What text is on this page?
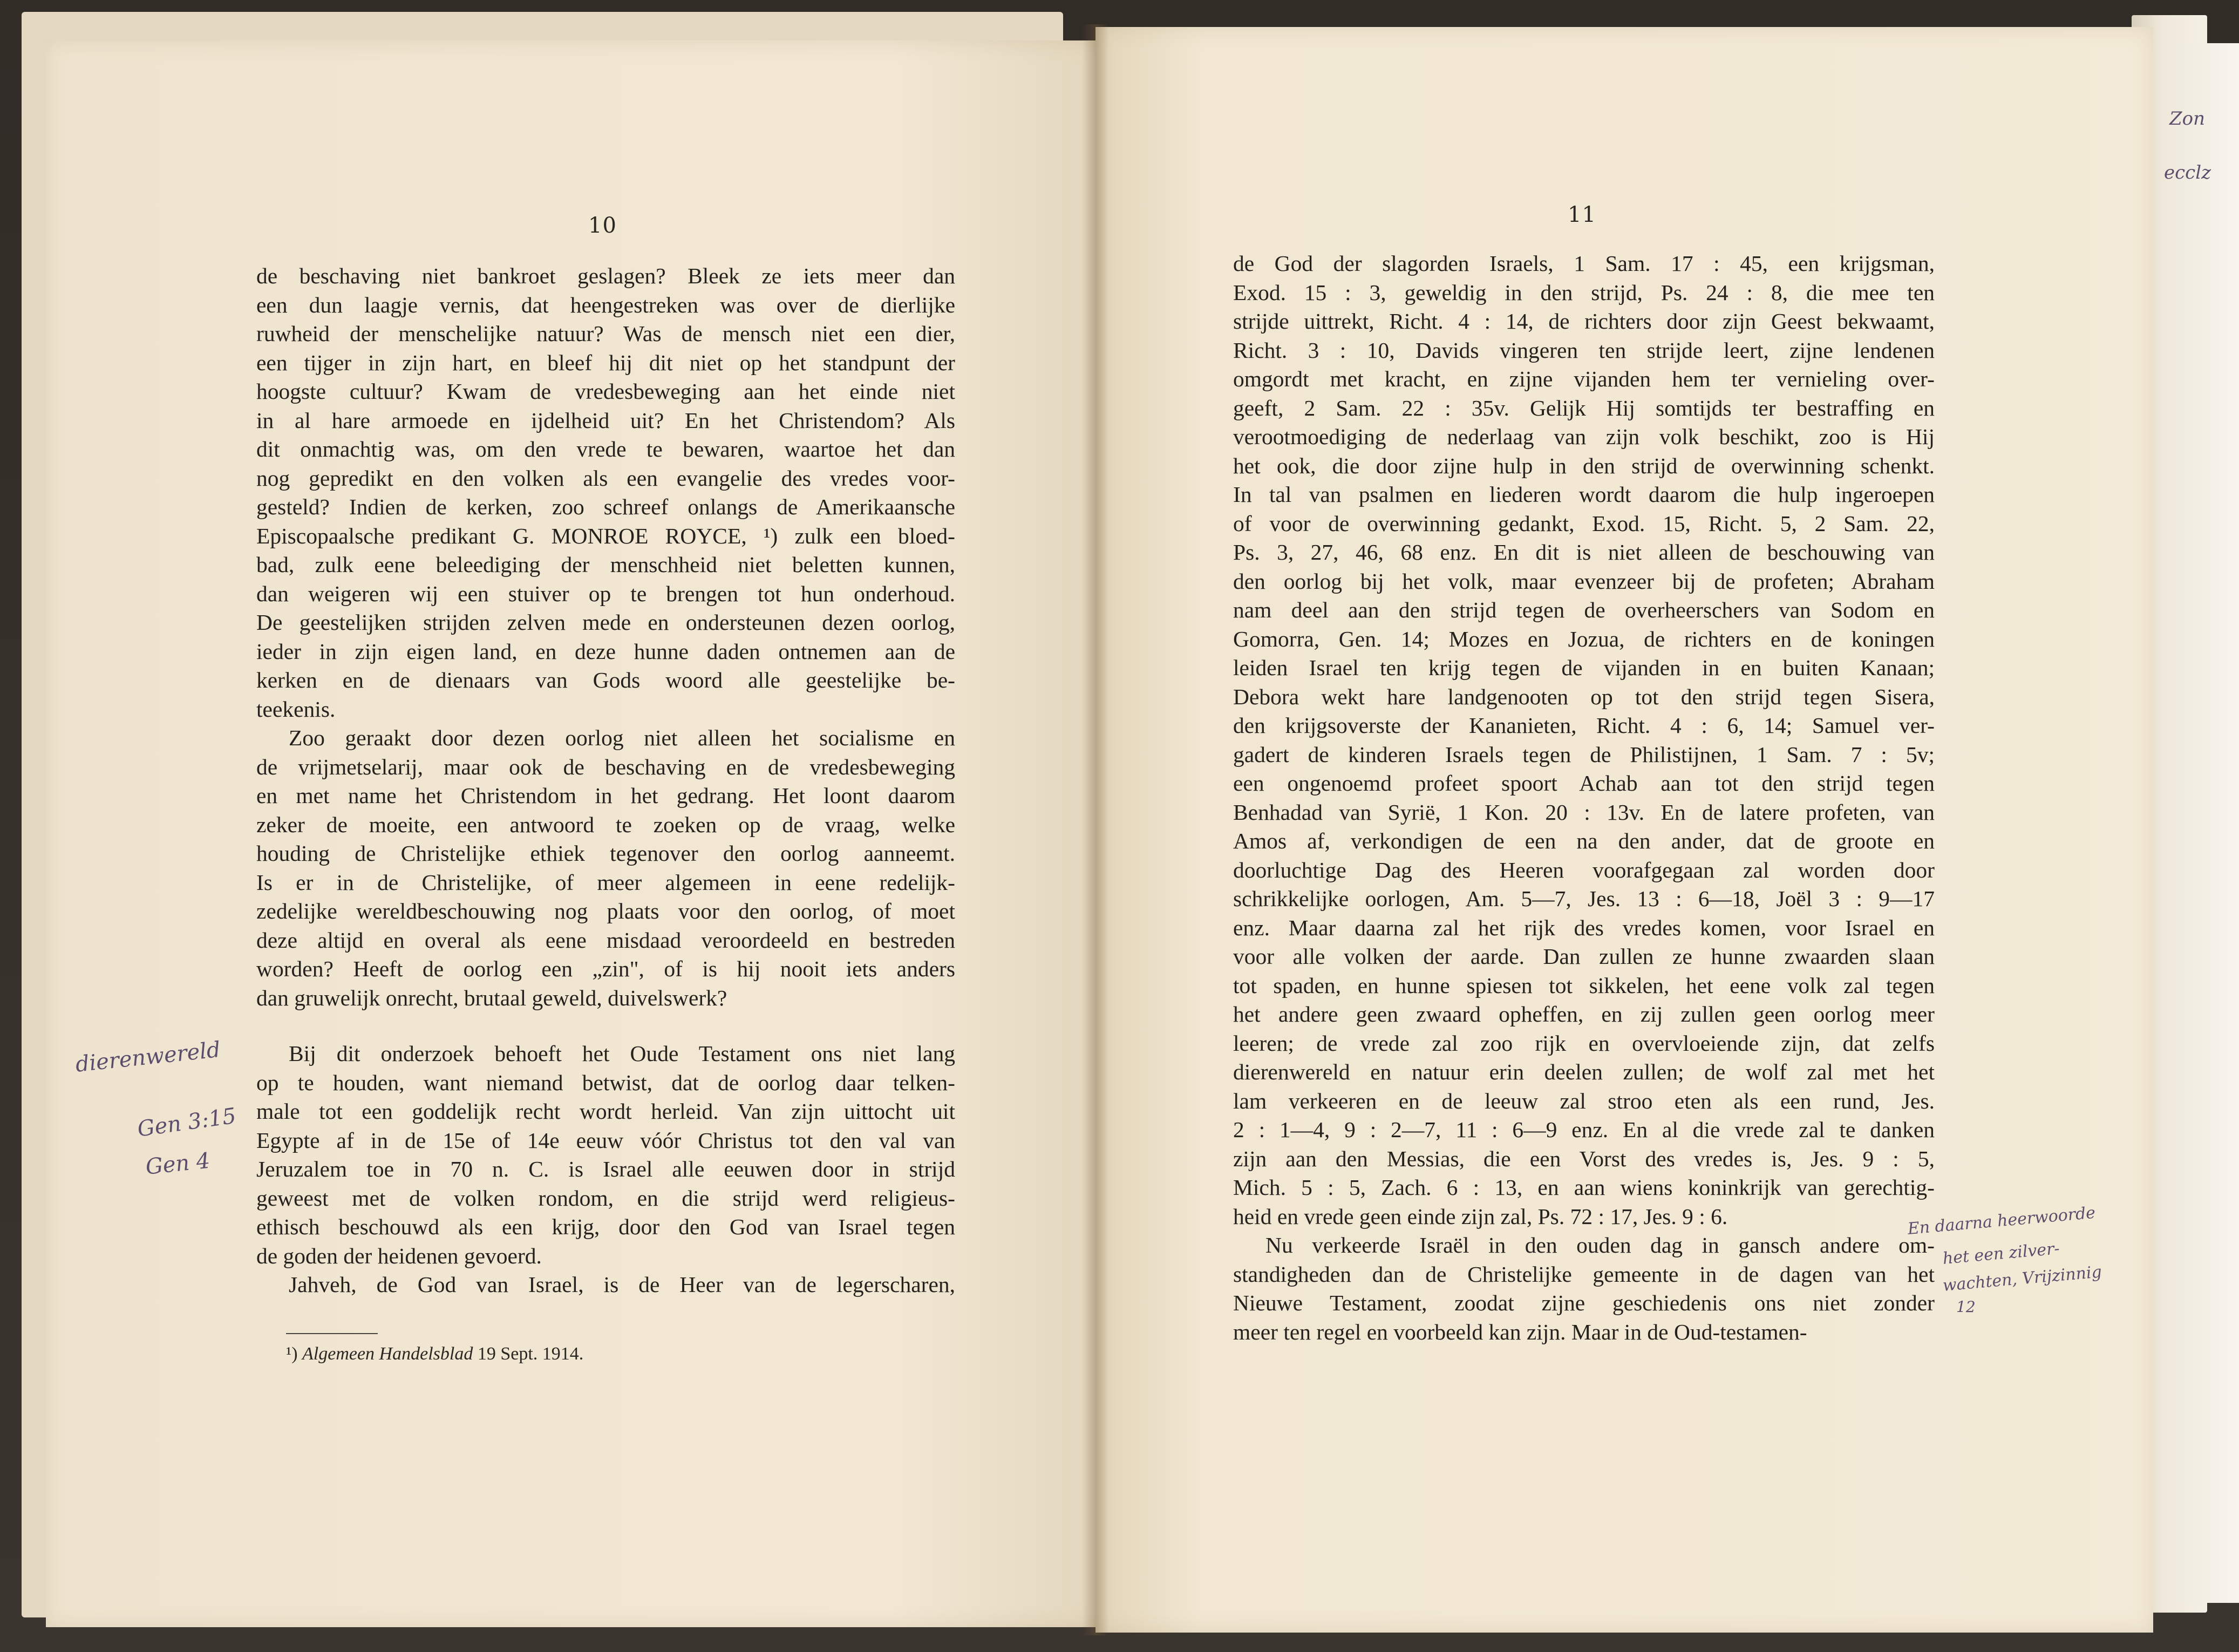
10
de beschaving niet bankroet geslagen? Bleek ze iets meer dan
een dun laagje vernis, dat heengestreken was over de dierlijke
ruwheid der menschelijke natuur? Was de mensch niet een dier,
een tijger in zijn hart, en bleef hij dit niet op het standpunt der
hoogste cultuur? Kwam de vredesbeweging aan het einde niet
in al hare armoede en ijdelheid uit? En het Christendom? Als
dit onmachtig was, om den vrede te bewaren, waartoe het dan
nog gepredikt en den volken als een evangelie des vredes voor-
gesteld? Indien de kerken, zoo schreef onlangs de Amerikaansche
Episcopaalsche predikant G. MONROE ROYCE, ¹) zulk een bloed-
bad, zulk eene beleediging der menschheid niet beletten kunnen,
dan weigeren wij een stuiver op te brengen tot hun onderhoud.
De geestelijken strijden zelven mede en ondersteunen dezen oorlog,
ieder in zijn eigen land, en deze hunne daden ontnemen aan de
kerken en de dienaars van Gods woord alle geestelijke be-
teekenis.
Zoo geraakt door dezen oorlog niet alleen het socialisme en
de vrijmetselarij, maar ook de beschaving en de vredesbeweging
en met name het Christendom in het gedrang. Het loont daarom
zeker de moeite, een antwoord te zoeken op de vraag, welke
houding de Christelijke ethiek tegenover den oorlog aanneemt.
Is er in de Christelijke, of meer algemeen in eene redelijk-
zedelijke wereldbeschouwing nog plaats voor den oorlog, of moet
deze altijd en overal als eene misdaad veroordeeld en bestreden
worden? Heeft de oorlog een „zin", of is hij nooit iets anders
dan gruwelijk onrecht, brutaal geweld, duivelswerk?
Bij dit onderzoek behoeft het Oude Testament ons niet lang
op te houden, want niemand betwist, dat de oorlog daar telken-
male tot een goddelijk recht wordt herleid. Van zijn uittocht uit
Egypte af in de 15e of 14e eeuw vóór Christus tot den val van
Jeruzalem toe in 70 n. C. is Israel alle eeuwen door in strijd
geweest met de volken rondom, en die strijd werd religieus-
ethisch beschouwd als een krijg, door den God van Israel tegen
de goden der heidenen gevoerd.
Jahveh, de God van Israel, is de Heer van de legerscharen,
¹) Algemeen Handelsblad 19 Sept. 1914.
11
de God der slagorden Israels, 1 Sam. 17 : 45, een krijgsman,
Exod. 15 : 3, geweldig in den strijd, Ps. 24 : 8, die mee ten
strijde uittrekt, Richt. 4 : 14, de richters door zijn Geest bekwaamt,
Richt. 3 : 10, Davids vingeren ten strijde leert, zijne lendenen
omgordt met kracht, en zijne vijanden hem ter vernieling over-
geeft, 2 Sam. 22 : 35v. Gelijk Hij somtijds ter bestraffing en
verootmoediging de nederlaag van zijn volk beschikt, zoo is Hij
het ook, die door zijne hulp in den strijd de overwinning schenkt.
In tal van psalmen en liederen wordt daarom die hulp ingeroepen
of voor de overwinning gedankt, Exod. 15, Richt. 5, 2 Sam. 22,
Ps. 3, 27, 46, 68 enz. En dit is niet alleen de beschouwing van
den oorlog bij het volk, maar evenzeer bij de profeten; Abraham
nam deel aan den strijd tegen de overheerschers van Sodom en
Gomorra, Gen. 14; Mozes en Jozua, de richters en de koningen
leiden Israel ten krijg tegen de vijanden in en buiten Kanaan;
Debora wekt hare landgenooten op tot den strijd tegen Sisera,
den krijgsoverste der Kananieten, Richt. 4 : 6, 14; Samuel ver-
gadert de kinderen Israels tegen de Philistijnen, 1 Sam. 7 : 5v;
een ongenoemd profeet spoort Achab aan tot den strijd tegen
Benhadad van Syrië, 1 Kon. 20 : 13v. En de latere profeten, van
Amos af, verkondigen de een na den ander, dat de groote en
doorluchtige Dag des Heeren voorafgegaan zal worden door
schrikkelijke oorlogen, Am. 5—7, Jes. 13 : 6—18, Joël 3 : 9—17
enz. Maar daarna zal het rijk des vredes komen, voor Israel en
voor alle volken der aarde. Dan zullen ze hunne zwaarden slaan
tot spaden, en hunne spiesen tot sikkelen, het eene volk zal tegen
het andere geen zwaard opheffen, en zij zullen geen oorlog meer
leeren; de vrede zal zoo rijk en overvloeiende zijn, dat zelfs
dierenwereld en natuur erin deelen zullen; de wolf zal met het
lam verkeeren en de leeuw zal stroo eten als een rund, Jes.
2 : 1—4, 9 : 2—7, 11 : 6—9 enz. En al die vrede zal te danken
zijn aan den Messias, die een Vorst des vredes is, Jes. 9 : 5,
Mich. 5 : 5, Zach. 6 : 13, en aan wiens koninkrijk van gerechtig-
heid en vrede geen einde zijn zal, Ps. 72 : 17, Jes. 9 : 6.
Nu verkeerde Israël in den ouden dag in gansch andere om-
standigheden dan de Christelijke gemeente in de dagen van het
Nieuwe Testament, zoodat zijne geschiedenis ons niet zonder
meer ten regel en voorbeeld kan zijn. Maar in de Oud-testamen-
dierenwereld
Gen 3:15
Gen 4
En daarna heerwoorde
het een zilver-
wachten, Vrijzinnig
12
Zon
ecclz
